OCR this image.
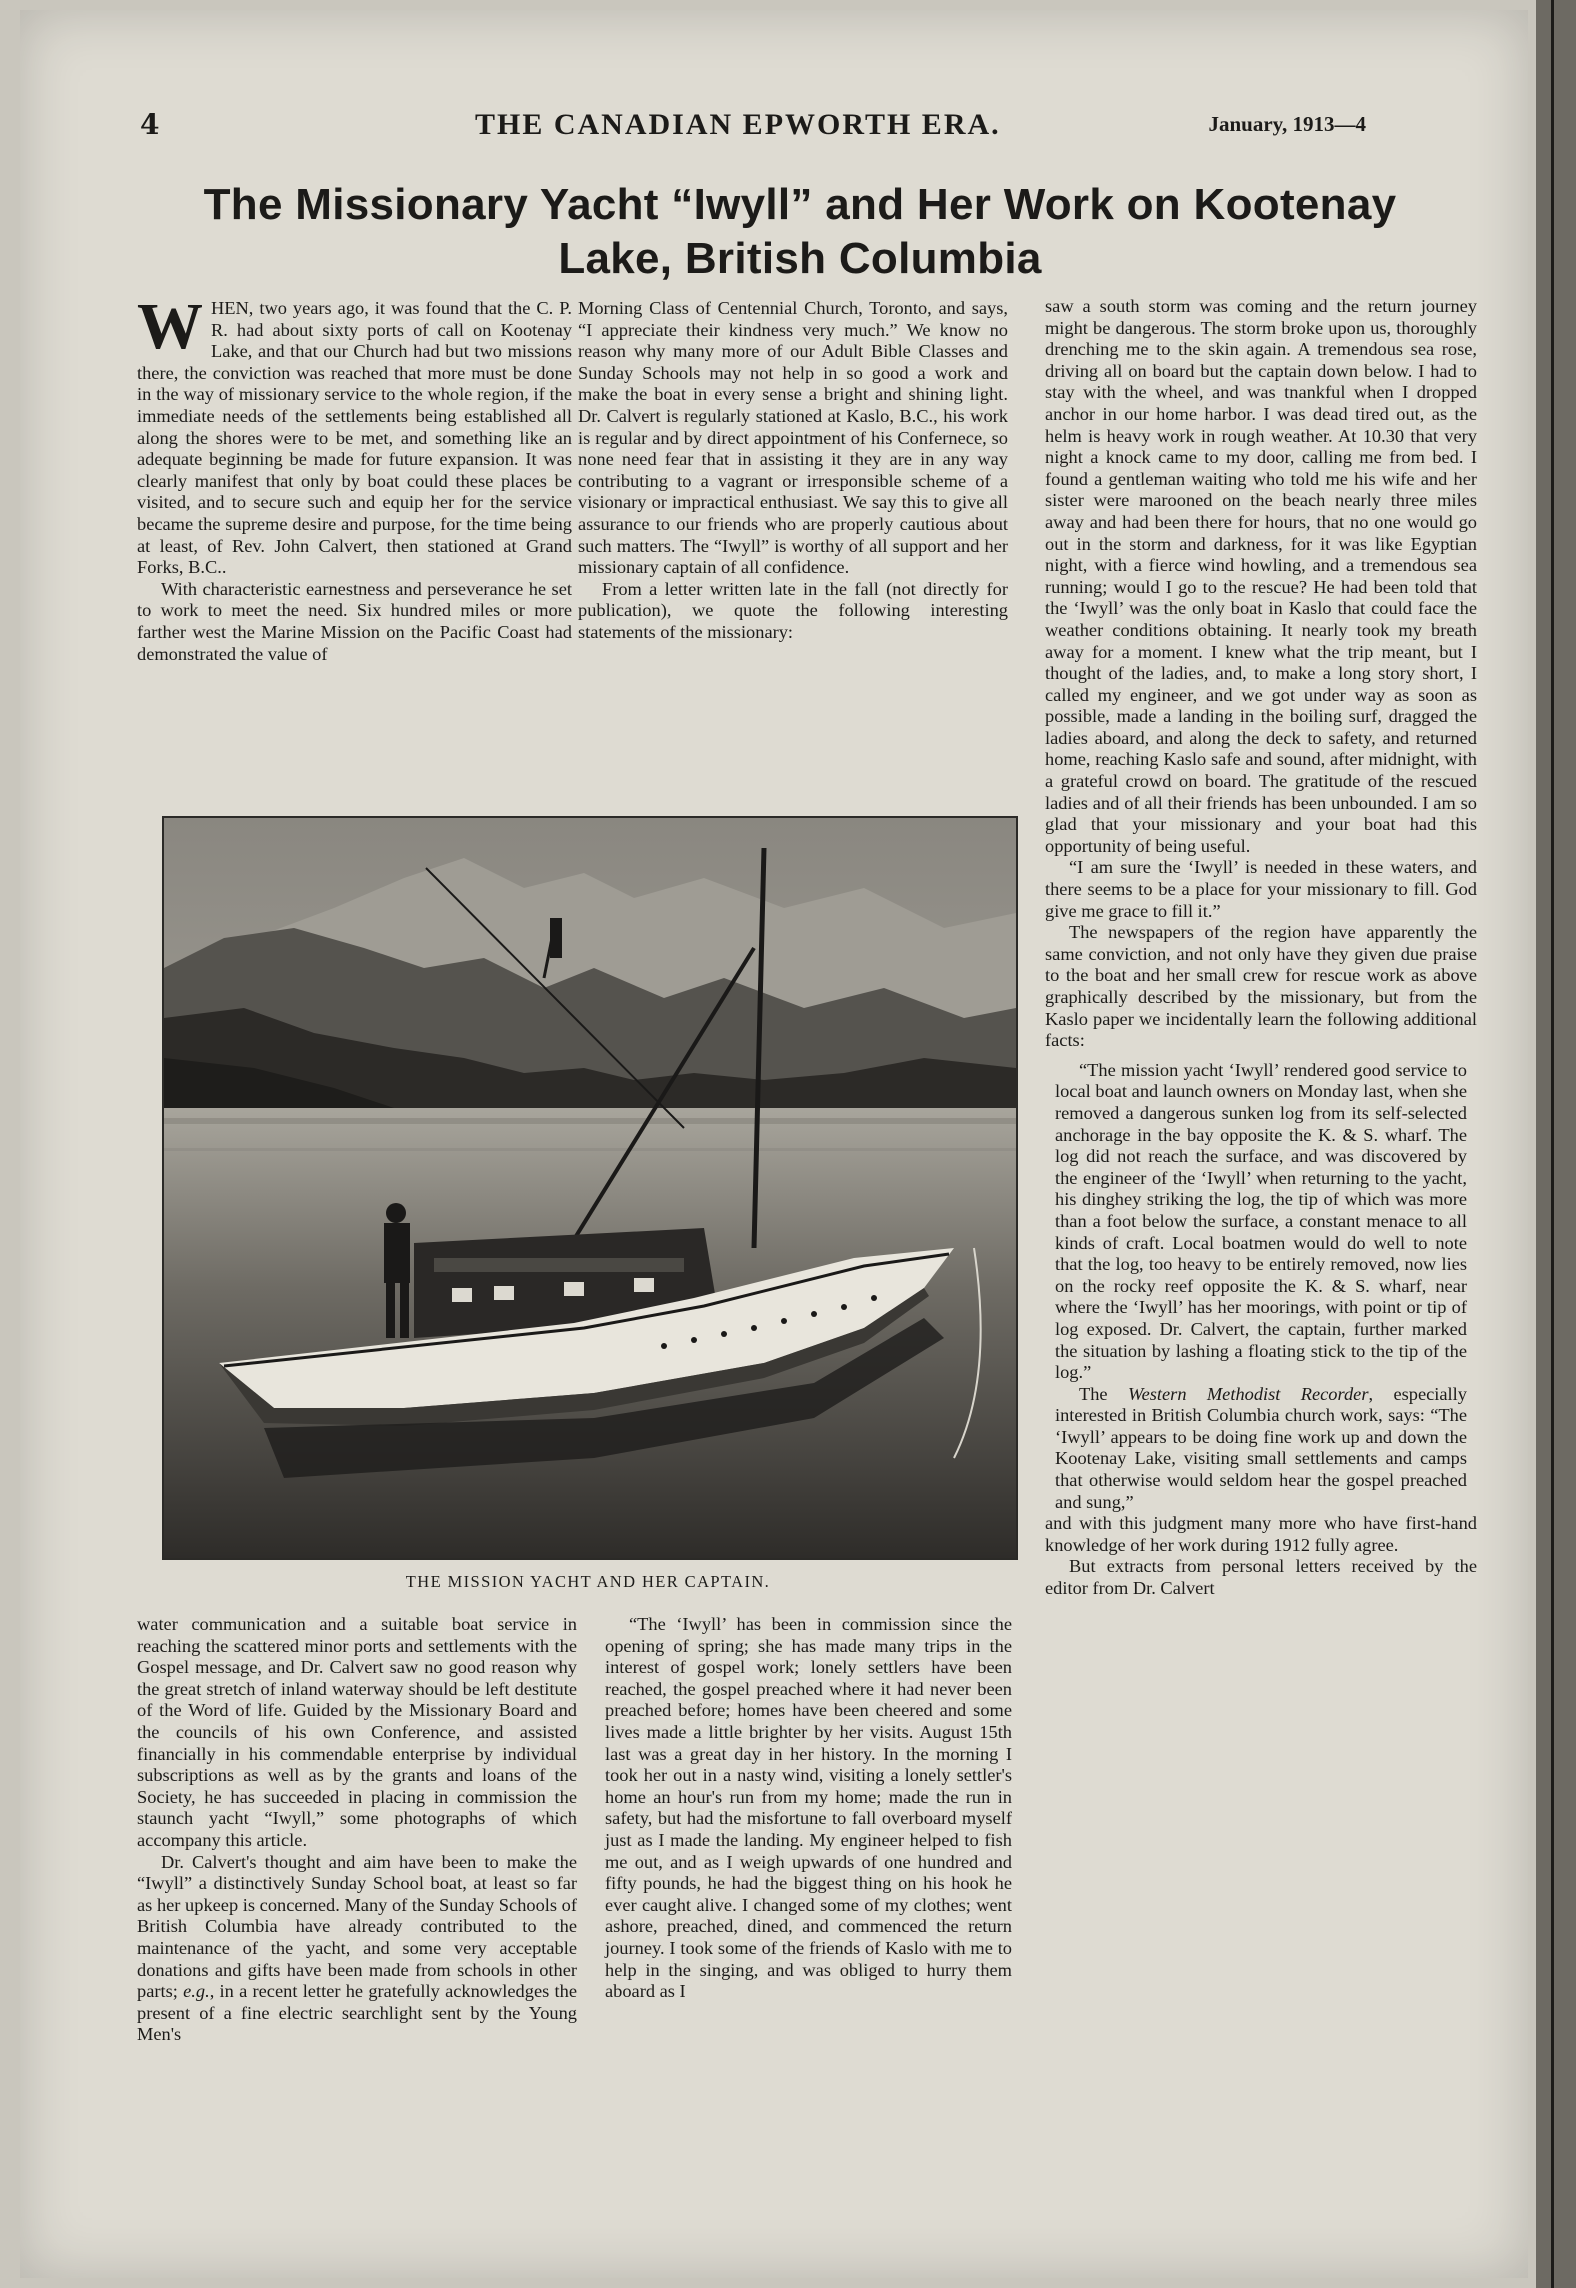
4	THE CANADIAN EPWORTH ERA.	January, 1913—4
The Missionary Yacht “Iwyll” and Her Work on Kootenay
Lake, British Columbia

WHEN, two years ago, it was found that the C. P. R. had about sixty ports of call on Kootenay Lake, and that our Church had but two missions there, the conviction was reached that more must be done in the way of missionary service to the whole region, if the immediate needs of the settlements being established all along the shores were to be met, and something like an adequate beginning be made for future expansion. It was clearly manifest that only by boat could these places be visited, and to secure such and equip her for the service became the supreme desire and purpose, for the time being at least, of Rev. John Calvert, then stationed at Grand Forks, B.C..

With characteristic earnestness and perseverance he set to work to meet the need. Six hundred miles or more farther west the Marine Mission on the Pacific Coast had demonstrated the value of

Morning Class of Centennial Church, Toronto, and says, “I appreciate their kindness very much.” We know no reason why many more of our Adult Bible Classes and Sunday Schools may not help in so good a work and make the boat in every sense a bright and shining light. Dr. Calvert is regularly stationed at Kaslo, B.C., his work is regular and by direct appointment of his Confernece, so none need fear that in assisting it they are in any way contributing to a vagrant or irresponsible scheme of a visionary or impractical enthusiast. We say this to give all assurance to our friends who are properly cautious about such matters. The “Iwyll” is worthy of all support and her missionary captain of all confidence.

From a letter written late in the fall (not directly for publication), we quote the following interesting statements of the missionary:

saw a south storm was coming and the return journey might be dangerous. The storm broke upon us, thoroughly drenching me to the skin again. A tremendous sea rose, driving all on board but the captain down below. I had to stay with the wheel, and was tnankful when I dropped anchor in our home harbor. I was dead tired out, as the helm is heavy work in rough weather. At 10.30 that very night a knock came to my door, calling me from bed. I found a gentleman waiting who told me his wife and her sister were marooned on the beach nearly three miles away and had been there for hours, that no one would go out in the storm and darkness, for it was like Egyptian night, with a fierce wind howling, and a tremendous sea running; would I go to the rescue? He had been told that the ‘Iwyll’ was the only boat in Kaslo that could face the weather conditions obtaining. It nearly took my breath away for a moment. I knew what the trip meant, but I thought of the ladies, and, to make a long story short, I called my engineer, and we got under way as soon as possible, made a landing in the boiling surf, dragged the ladies aboard, and along the deck to safety, and returned home, reaching Kaslo safe and sound, after midnight, with a grateful crowd on board. The gratitude of the rescued ladies and of all their friends has been unbounded. I am so glad that your missionary and your boat had this opportunity of being useful.

“I am sure the ‘Iwyll’ is needed in these waters, and there seems to be a place for your missionary to fill. God give me grace to fill it.”

The newspapers of the region have apparently the same conviction, and not only have they given due praise to the boat and her small crew for rescue work as above graphically described by the missionary, but from the Kaslo paper we incidentally learn the following additional facts:

“The mission yacht ‘Iwyll’ rendered good service to local boat and launch owners on Monday last, when she removed a dangerous sunken log from its self-selected anchorage in the bay opposite the K. & S. wharf. The log did not reach the surface, and was discovered by the engineer of the ‘Iwyll’ when returning to the yacht, his dinghey striking the log, the tip of which was more than a foot below the surface, a constant menace to all kinds of craft. Local boatmen would do well to note that the log, too heavy to be entirely removed, now lies on the rocky reef opposite the K. & S. wharf, near where the ‘Iwyll’ has her moorings, with point or tip of log exposed. Dr. Calvert, the captain, further marked the situation by lashing a floating stick to the tip of the log.”

The Western Methodist Recorder, especially interested in British Columbia church work, says: “The ‘Iwyll’ appears to be doing fine work up and down the Kootenay Lake, visiting small settlements and camps that otherwise would seldom hear the gospel preached and sung,”

and with this judgment many more who have first-hand knowledge of her work during 1912 fully agree.

But extracts from personal letters received by the editor from Dr. Calvert

THE MISSION YACHT AND HER CAPTAIN.

water communication and a suitable boat service in reaching the scattered minor ports and settlements with the Gospel message, and Dr. Calvert saw no good reason why the great stretch of inland waterway should be left destitute of the Word of life. Guided by the Missionary Board and the councils of his own Conference, and assisted financially in his commendable enterprise by individual subscriptions as well as by the grants and loans of the Society, he has succeeded in placing in commission the staunch yacht “Iwyll,” some photographs of which accompany this article.

Dr. Calvert's thought and aim have been to make the “Iwyll” a distinctively Sunday School boat, at least so far as her upkeep is concerned. Many of the Sunday Schools of British Columbia have already contributed to the maintenance of the yacht, and some very acceptable donations and gifts have been made from schools in other parts; e.g., in a recent letter he gratefully acknowledges the present of a fine electric searchlight sent by the Young Men's

“The ‘Iwyll’ has been in commission since the opening of spring; she has made many trips in the interest of gospel work; lonely settlers have been reached, the gospel preached where it had never been preached before; homes have been cheered and some lives made a little brighter by her visits. August 15th last was a great day in her history. In the morning I took her out in a nasty wind, visiting a lonely settler's home an hour's run from my home; made the run in safety, but had the misfortune to fall overboard myself just as I made the landing. My engineer helped to fish me out, and as I weigh upwards of one hundred and fifty pounds, he had the biggest thing on his hook he ever caught alive. I changed some of my clothes; went ashore, preached, dined, and commenced the return journey. I took some of the friends of Kaslo with me to help in the singing, and was obliged to hurry them aboard as I
